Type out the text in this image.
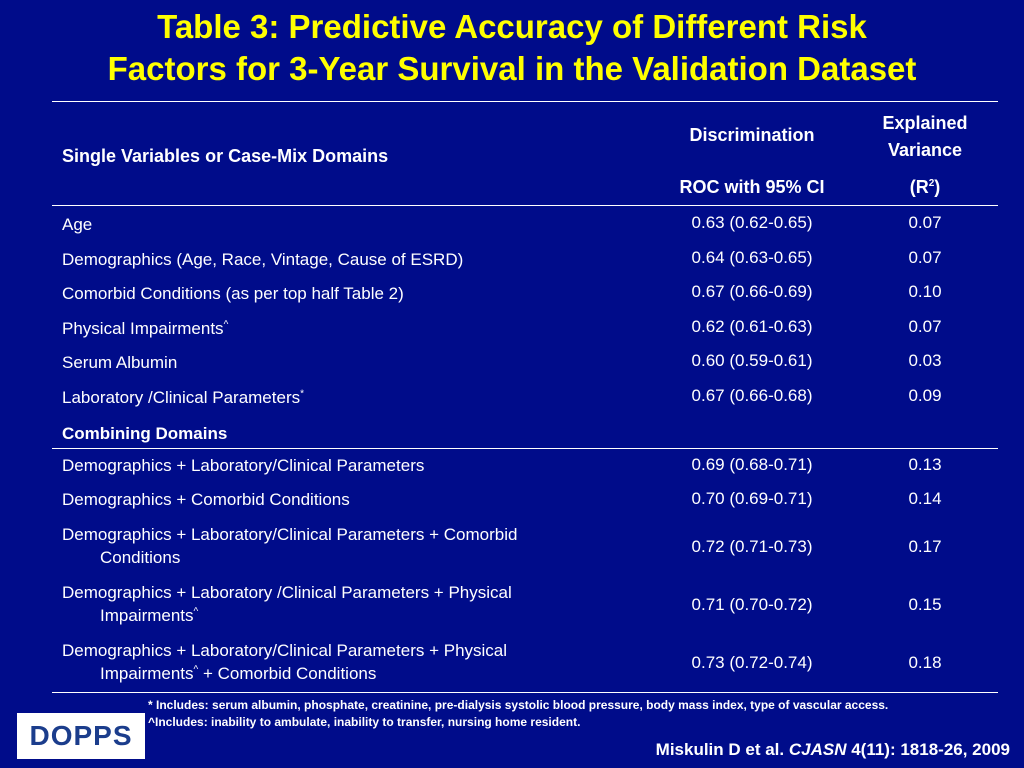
Table 3: Predictive Accuracy of Different Risk
Factors for 3-Year Survival in the Validation Dataset
Single Variables or Case-Mix Domains
Discrimination
Explained
Variance
ROC with 95% CI	$(R^2)$
Age	0.63 (0.62-0.65)	0.07
Demographics (Age, Race, Vintage, Cause of ESRD)	0.64 (0.63-0.65)	0.07
Comorbid Conditions (as per top half Table 2)	0.67 (0.66-0.69)	0.10
Physical Impairments^	0.62 (0.61-0.63)	0.07
Serum Albumin	0.60 (0.59-0.61)	0.03
Laboratory /Clinical Parameters*	0.67 (0.66-0.68)	0.09
Combining Domains
Demographics + Laboratory/Clinical Parameters	0.69 (0.68-0.71)	0.13
Demographics + Comorbid Conditions	0.70 (0.69-0.71)	0.14
Demographics + Laboratory/Clinical Parameters + Comorbid
Conditions
0.72 (0.71-0.73)	0.17
Demographics + Laboratory /Clinical Parameters + Physical
Impairments^	0.71 (0.70-0.72)	0.15
Demographics + Laboratory/Clinical Parameters + Physical
Impairments^ + Comorbid Conditions
0.73 (0.72-0.74)	0.18
* Includes: serum albumin, phosphate, creatinine, pre-dialysis systolic blood pressure, body mass index, type of vascular access.
^Includes: inability to ambulate, inability to transfer, nursing home resident.
DOPPS	Miskulin D et al. CJASN 4(11): 1818-26, 2009
